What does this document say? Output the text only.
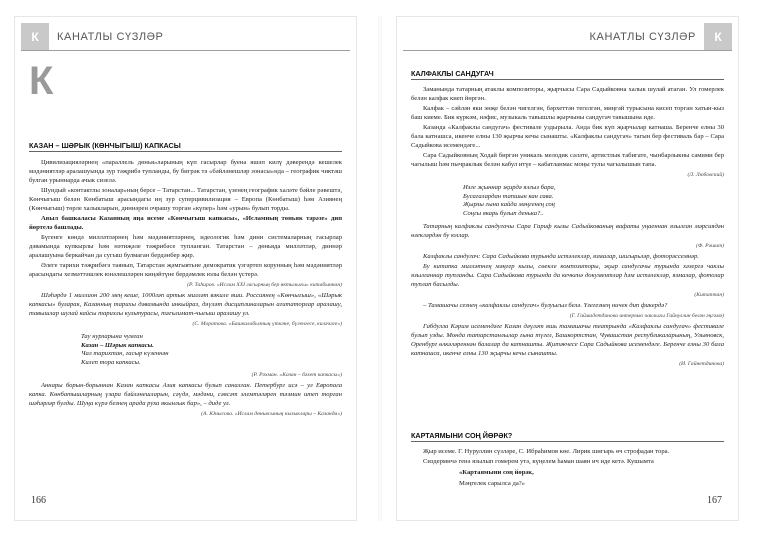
К	КАНАТЛЫ СҮЗЛӘР
К
КАЗАН – ШӘРЫК (КӨНЧЫГЫШ) КАПКАСЫ

Цивилизацияләрнең «параллель дөнья»ларының күп гасырлар буена яшәп килү дәверендә кешелек мәдәниятләр аралашуында зур тәҗрибә тупланды, бу бигрәк тә «бәйләнешләр зонасы»нда – географик чиктәш булган урыннарда ачык сизелә.

Шундый «контактлы зоналар»ның берсе – Татарстан... Татарстан, үзенең географик халәте бәйле рәвештә, Көнчыгыш белән Көнбатыш арасындагы иң зур суперцивилизация – Европа (Көнбатыш) һәм Азиянең (Көнчыгыш) төрле халыкларын, диннәрен очрашу торган «күпер» һәм «урын» булып торды.

Авыл башкаласы Казанның яңа исеме «Көнчыгыш капкасы», «Исламның төньяк тәрәзе» дип йөртелә башлады.

Бүгенге көндә милләтләрнең һәм мәдәниятләрнең, идеологик һәм дини системаларның гасырлар дәвамында күпкырлы һәм нәтиҗәле тәҗрибәсе тупланган. Татарстан – дөньяда милләтләр, диннәр аралашуына беркайчан да сугыш булмаган бердәнбер җир.

Әлеге тарихи тәҗрибәгә таянып, Татарстан җәмгыятьне демократик үзгәртеп корунның һәм мәдәниятләр арасындагы хезмәттәшлек юнәлешләрен киңәйтүне бердәмлек юлы белән үстерә.

(Р. Таһиров. «Ислам XXI гасырның бер яктылыгы» китабыннан)

Шәһәрдә 1 миллион 200 мең кеше, 1000ләп артык милләт вәкиле яши. Россиянең «Көнчыгыш», «Шәрык капкасы» буларак, Казанның тарихы дәвамында инкыйраз, дәүләт дисциплиналарын агитаторлар аралашу, тавышлар шулай кайсы тарихлы культурасы, тәгълимат-чыгыш аралашу ул.

(С. Моратова. «Башкалабызның үткәне, бүгенгесе, киләчәге»)

Тау нурларына чумган
Казан – Шәрык капкасы.
Чал тарихтан, гасыр күзеннән
Килеп тора капкасы.

(Р. Рәхман. «Казан – бәхет капкасы»)

Аннары борын-борыннан Казан капкасы Азия капкасы булып саналган. Петербург исә – ул Европага капка. Көнбатышларның үзара бәйләнешларын, сәүдә, мәдәни, сәясәт элемтәләрен тәэмин итеп торган шәһәрләр булды. Шуңа күрә безнең арада руха якынлык бар», – диде ул.

(А. Юнысова. «Ислам дөньясының кызыклары – Казанда»)

166
КАНАТЛЫ СҮЗЛӘР	К
КАЛФАКЛЫ САНДУГАЧ

Заманында татарның атаклы композиторы, җырчысы Сара Садыйковна халык шулай атаган. Ул гомерлек белән калфак киеп йөргән.

Калфак – сәйлән яки энҗе белән чигелгән, бәрхеттән тегелгән, миңгәй турысына кисеп торган хатын-кыз баш киеме. Бик күркәм, нәфис, музыкаль тавышлы җырчыны сандугач тавышына иде.

Казанда «Калфаклы сандугач» фестивале уздырыла. Анда бик күп җырчылар катнаша. Беренче елны 30 бала катнашса, икенче елны 130 җырчы кечы сынашты. «Калфаклы сандугач» тагын бер фестиваль бар – Сара Садыйкова исемендәге...

Сара Садыйковның Ходай биргән уникаль мелодик сәләте, артистлык табигате, чынбарлыкны самими бер чагылыш һәм пычраклык белән кабул итүе – кабатланмас моңы тулы чагылышын тапа.

(Л. Любовский)

Изге җыннар җирдә ялгыз бара,
Бусагалардан тапшын кан сава.
Җырлы гына кайда мәңгенең соң
Соңгы якарь булып денька?..

Татарның калфаклы сандугачы Сара Гариф кызы Садыйкованың вафаты уңаеннан язылган мәрсиядән өзекләрдән бу юллар.

(Ф. Рәшит)

Калфаклы сандугач: Сара Садыйкова турында истәлекләр, язмалар, шигырьләр, фоторәссемнәр.

Бу китапка милләтнең мәңгер кызы, сөекле композиторы, җыр сандугачы турында хәзергә чаклы язылганнар тупланды. Сара Садыйкова турында да кечкенә документлар һәм истәлекләр, язмалар, фотолар туплап басылды.

(Китаптан)

– Тамашачы сезнең «калфаклы сандугач» булуыгыз белә. Үзегезнең ничек дип фикердә?

(Г. Гаймадетдинова интервью чаклыгы Гайнуллин белән әңгәмә)

Габдулла Кәрим исемендәге Казан дәүләт яшь тамашачы театрында «Калфаклы сандугач» фестивале булып узды. Монда татарстанлылар гына түгел, Башкортстан, Чувашстан республикаларының, Ульяновск, Оренбург өлкәләреннән балалар да катнашты. Җитәкчесе Сара Садыйкова исемендәге. Беренче елны 30 бала катнашса, икенче елны 130 җырчы кечы сынашты.

(И. Гайнетдинова)

КАРТАЯМЫНИ СОҢ ЙӨРӘК?

Җыр исеме. Г. Нуруллин сүзләре, С. Ибраһимов көе. Лирик шигырь өч строфадан тора.

Сиздермичә генә язылып гомерем утә, күңелем һаман шаян ич иде кетә. Кушымта

«Картаямыни соң йөрәк,
Мәңгелек сарылса да?»
167
